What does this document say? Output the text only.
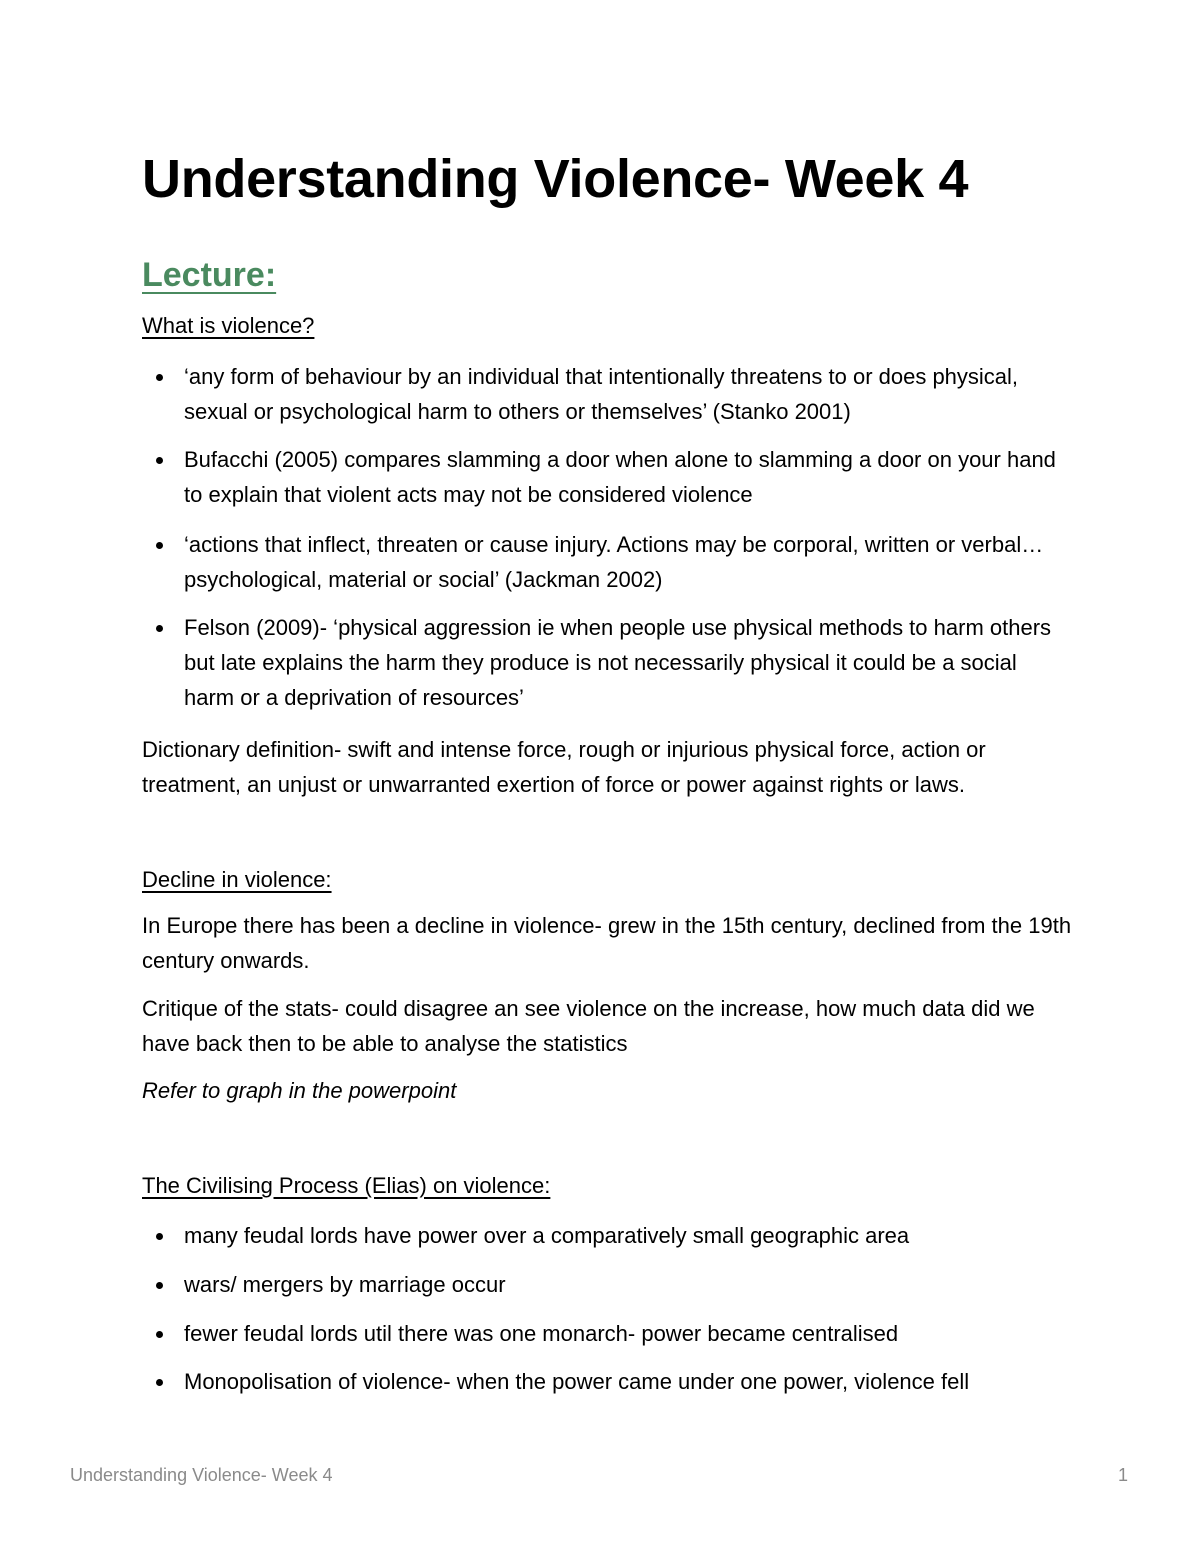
Understanding Violence- Week 4
Lecture:
What is violence?
‘any form of behaviour by an individual that intentionally threatens to or does physical, sexual or psychological harm to others or themselves’ (Stanko 2001)
Bufacchi (2005) compares slamming a door when alone to slamming a door on your hand to explain that violent acts may not be considered violence
‘actions that inflect, threaten or cause injury. Actions may be corporal, written or verbal… psychological, material or social’ (Jackman 2002)
Felson (2009)- ‘physical aggression ie when people use physical methods to harm others but late explains the harm they produce is not necessarily physical it could be a social harm or a deprivation of resources’
Dictionary definition- swift and intense force, rough or injurious physical force, action or treatment, an unjust or unwarranted exertion of force or power against rights or laws.
Decline in violence:
In Europe there has been a decline in violence- grew in the 15th century, declined from the 19th century onwards.
Critique of the stats- could disagree an see violence on the increase, how much data did we have back then to be able to analyse the statistics
Refer to graph in the powerpoint
The Civilising Process (Elias) on violence:
many feudal lords have power over a comparatively small geographic area
wars/ mergers by marriage occur
fewer feudal lords util there was one monarch- power became centralised
Monopolisation of violence- when the power came under one power, violence fell
Understanding Violence- Week 4	1
